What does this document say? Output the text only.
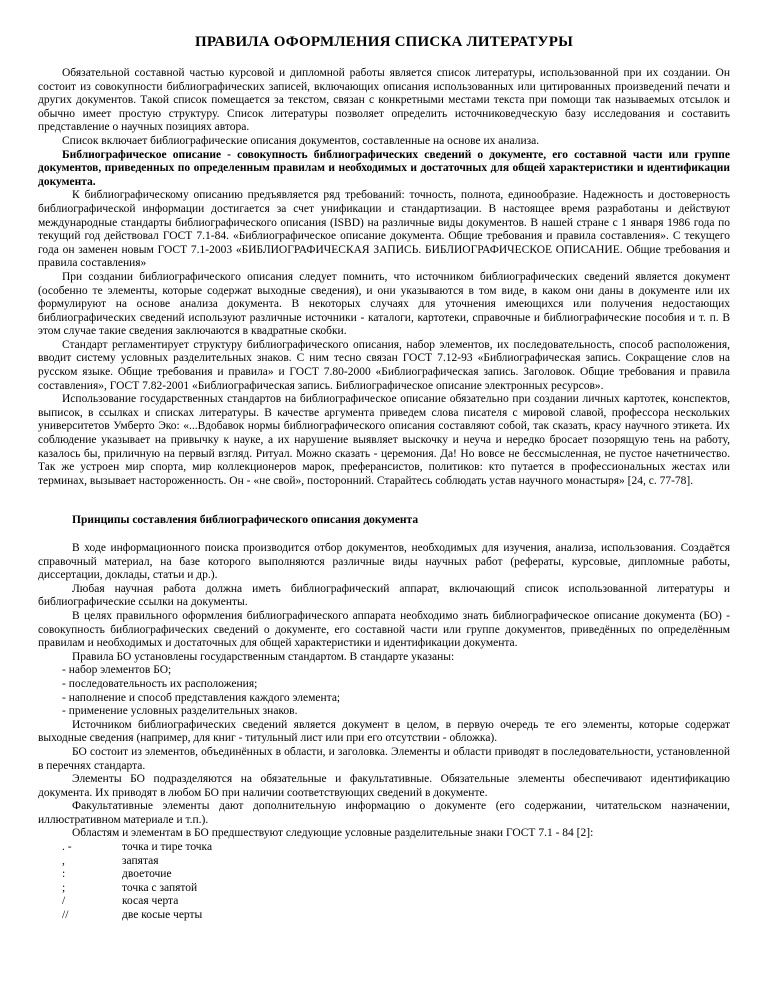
ПРАВИЛА ОФОРМЛЕНИЯ СПИСКА ЛИТЕРАТУРЫ

Обязательной составной частью курсовой и дипломной работы является список литературы, использованной при их создании. Он состоит из совокупности библиографических записей, включающих описания использованных или цитированных произведений печати и других документов. Такой список помещается за текстом, связан с конкретными местами текста при помощи так называемых отсылок и обычно имеет простую структуру. Список литературы позволяет определить источниковедческую базу исследования и составить представление о научных позициях автора.

Список включает библиографические описания документов, составленные на основе их анализа.

Библиографическое описание - совокупность библиографических сведений о документе, его составной части или группе документов, приведенных по определенным правилам и необходимых и достаточных для общей характеристики и идентификации документа.

К библиографическому описанию предъявляется ряд требований: точность, полнота, единообразие. Надежность и достоверность библиографической информации достигается за счет унификации и стандартизации. В настоящее время разработаны и действуют международные стандарты библиографического описания (ISBD) на различные виды документов. В нашей стране с 1 января 1986 года по текущий год действовал ГОСТ 7.1-84. «Библиографическое описание документа. Общие требования и правила составления». С текущего года он заменен новым ГОСТ 7.1-2003 «БИБЛИОГРАФИЧЕСКАЯ ЗАПИСЬ. БИБЛИОГРАФИЧЕСКОЕ ОПИСАНИЕ. Общие требования и правила составления»

При создании библиографического описания следует помнить, что источником библиографических сведений является документ (особенно те элементы, которые содержат выходные сведения), и они указываются в том виде, в каком они даны в документе или их формулируют на основе анализа документа. В некоторых случаях для уточнения имеющихся или получения недостающих библиографических сведений используют различные источники - каталоги, картотеки, справочные и библиографические пособия и т. п. В этом случае такие сведения заключаются в квадратные скобки.

Стандарт регламентирует структуру библиографического описания, набор элементов, их последовательность, способ расположения, вводит систему условных разделительных знаков. С ним тесно связан ГОСТ 7.12-93 «Библиографическая запись. Сокращение слов на русском языке. Общие требования и правила» и ГОСТ 7.80-2000 «Библиографическая запись. Заголовок. Общие требования и правила составления», ГОСТ 7.82-2001 «Библиографическая запись. Библиографическое описание электронных ресурсов».

Использование государственных стандартов на библиографическое описание обязательно при создании личных картотек, конспектов, выписок, в ссылках и списках литературы. В качестве аргумента приведем слова писателя с мировой славой, профессора нескольких университетов Умберто Эко: «...Вдобавок нормы библиографического описания составляют собой, так сказать, красу научного этикета. Их соблюдение указывает на привычку к науке, а их нарушение выявляет выскочку и неуча и нередко бросает позорящую тень на работу, казалось бы, приличную на первый взгляд. Ритуал. Можно сказать - церемония. Да! Но вовсе не бессмысленная, не пустое начетничество. Так же устроен мир спорта, мир коллекционеров марок, преферансистов, политиков: кто путается в профессиональных жестах или терминах, вызывает настороженность. Он - «не свой», посторонний. Старайтесь соблюдать устав научного монастыря» [24, с. 77-78].

Принципы составления библиографического описания документа

В ходе информационного поиска производится отбор документов, необходимых для изучения, анализа, использования. Создаётся справочный материал, на базе которого выполняются различные виды научных работ (рефераты, курсовые, дипломные работы, диссертации, доклады, статьи и др.).

Любая научная работа должна иметь библиографический аппарат, включающий список использованной литературы и библиографические ссылки на документы.

В целях правильного оформления библиографического аппарата необходимо знать библиографическое описание документа (БО) - совокупность библиографических сведений о документе, его составной части или группе документов, приведённых по определённым правилам и необходимых и достаточных для общей характеристики и идентификации документа.

Правила БО установлены государственным стандартом. В стандарте указаны:

- набор элементов БО;
- последовательность их расположения;
- наполнение и способ представления каждого элемента;
- применение условных разделительных знаков.

Источником библиографических сведений является документ в целом, в первую очередь те его элементы, которые содержат выходные сведения (например, для книг - титульный лист или при его отсутствии - обложка).

БО состоит из элементов, объединённых в области, и заголовка. Элементы и области приводят в последовательности, установленной в перечнях стандарта.

Элементы БО подразделяются на обязательные и факультативные. Обязательные элементы обеспечивают идентификацию документа. Их приводят в любом БО при наличии соответствующих сведений в документе.

Факультативные элементы дают дополнительную информацию о документе (его содержании, читательском назначении, иллюстративном материале и т.п.).

Областям и элементам в БО предшествуют следующие условные разделительные знаки ГОСТ 7.1 - 84 [2]:

. -	точка и тире точка
,	запятая
:	двоеточие
;	точка с запятой
/	косая черта
//	две косые черты
